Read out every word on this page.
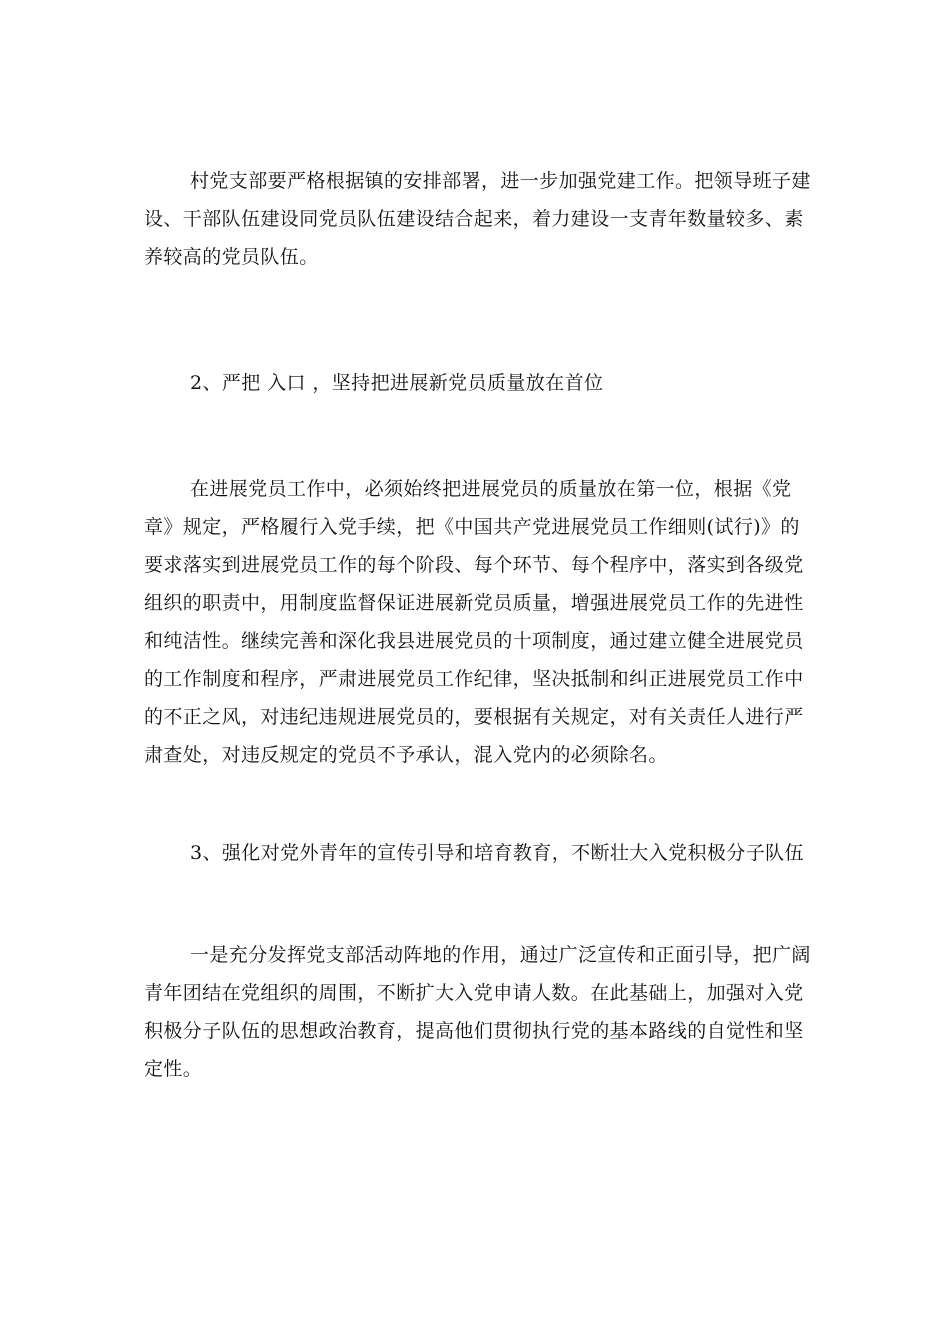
村党支部要严格根据镇的安排部署，进一步加强党建工作。把领导班子建
设、干部队伍建设同党员队伍建设结合起来，着力建设一支青年数量较多、素
养较高的党员队伍。

2、严把 入口 ，坚持把进展新党员质量放在首位

在进展党员工作中，必须始终把进展党员的质量放在第一位，根据《党
章》规定，严格履行入党手续，把《中国共产党进展党员工作细则(试行)》的
要求落实到进展党员工作的每个阶段、每个环节、每个程序中，落实到各级党
组织的职责中，用制度监督保证进展新党员质量，增强进展党员工作的先进性
和纯洁性。继续完善和深化我县进展党员的十项制度，通过建立健全进展党员
的工作制度和程序，严肃进展党员工作纪律，坚决抵制和纠正进展党员工作中
的不正之风，对违纪违规进展党员的，要根据有关规定，对有关责任人进行严
肃查处，对违反规定的党员不予承认，混入党内的必须除名。

3、强化对党外青年的宣传引导和培育教育，不断壮大入党积极分子队伍

一是充分发挥党支部活动阵地的作用，通过广泛宣传和正面引导，把广阔
青年团结在党组织的周围，不断扩大入党申请人数。在此基础上，加强对入党
积极分子队伍的思想政治教育，提高他们贯彻执行党的基本路线的自觉性和坚
定性。
